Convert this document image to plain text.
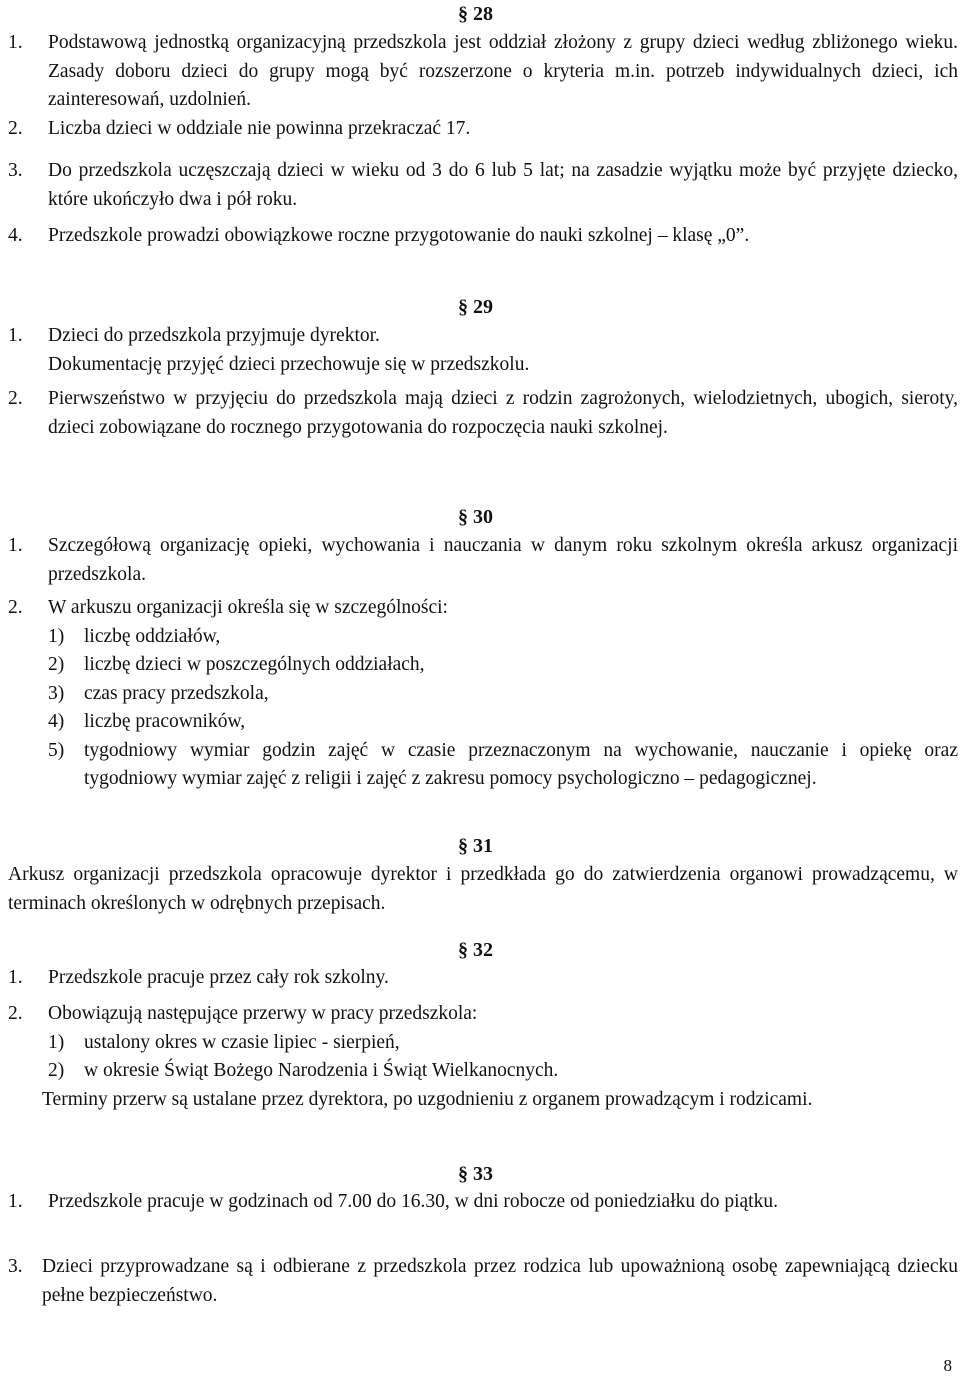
§ 28
1. Podstawową jednostką organizacyjną przedszkola jest oddział złożony z grupy dzieci według zbliżonego wieku. Zasady doboru dzieci do grupy mogą być rozszerzone o kryteria m.in. potrzeb indywidualnych dzieci, ich zainteresowań, uzdolnień.
2. Liczba dzieci w oddziale nie powinna przekraczać 17.
3. Do przedszkola uczęszczają dzieci w wieku od 3 do 6 lub 5 lat; na zasadzie wyjątku może być przyjęte dziecko, które ukończyło dwa i pół roku.
4. Przedszkole prowadzi obowiązkowe roczne przygotowanie do nauki szkolnej – klasę „0”.
§ 29
1. Dzieci do przedszkola przyjmuje dyrektor.
Dokumentację przyjęć dzieci przechowuje się w przedszkolu.
2. Pierwszeństwo w przyjęciu do przedszkola mają dzieci z rodzin zagrożonych, wielodzietnych, ubogich, sieroty, dzieci zobowiązane do rocznego przygotowania do rozpoczęcia nauki szkolnej.
§ 30
1. Szczegółową organizację opieki, wychowania i nauczania w danym roku szkolnym określa arkusz organizacji przedszkola.
2. W arkuszu organizacji określa się w szczególności:
1) liczbę oddziałów,
2) liczbę dzieci w poszczególnych oddziałach,
3) czas pracy przedszkola,
4) liczbę pracowników,
5) tygodniowy wymiar godzin zajęć w czasie przeznaczonym na wychowanie, nauczanie i opiekę oraz tygodniowy wymiar zajęć z religii i zajęć z zakresu pomocy psychologiczno – pedagogicznej.
§ 31
Arkusz organizacji przedszkola opracowuje dyrektor i przedkłada go do zatwierdzenia organowi prowadzącemu, w terminach określonych w odrębnych przepisach.
§ 32
1. Przedszkole pracuje przez cały rok szkolny.
2. Obowiązują następujące przerwy w pracy przedszkola:
1) ustalony okres w czasie lipiec - sierpień,
2) w okresie Świąt Bożego Narodzenia i Świąt Wielkanocnych.
Terminy przerw są ustalane przez dyrektora, po uzgodnieniu z organem prowadzącym i rodzicami.
§ 33
1. Przedszkole pracuje w godzinach od 7.00 do 16.30, w dni robocze od poniedziałku do piątku.
3. Dzieci przyprowadzane są i odbierane z przedszkola przez rodzica lub upoważnioną osobę zapewniającą dziecku pełne bezpieczeństwo.
8
